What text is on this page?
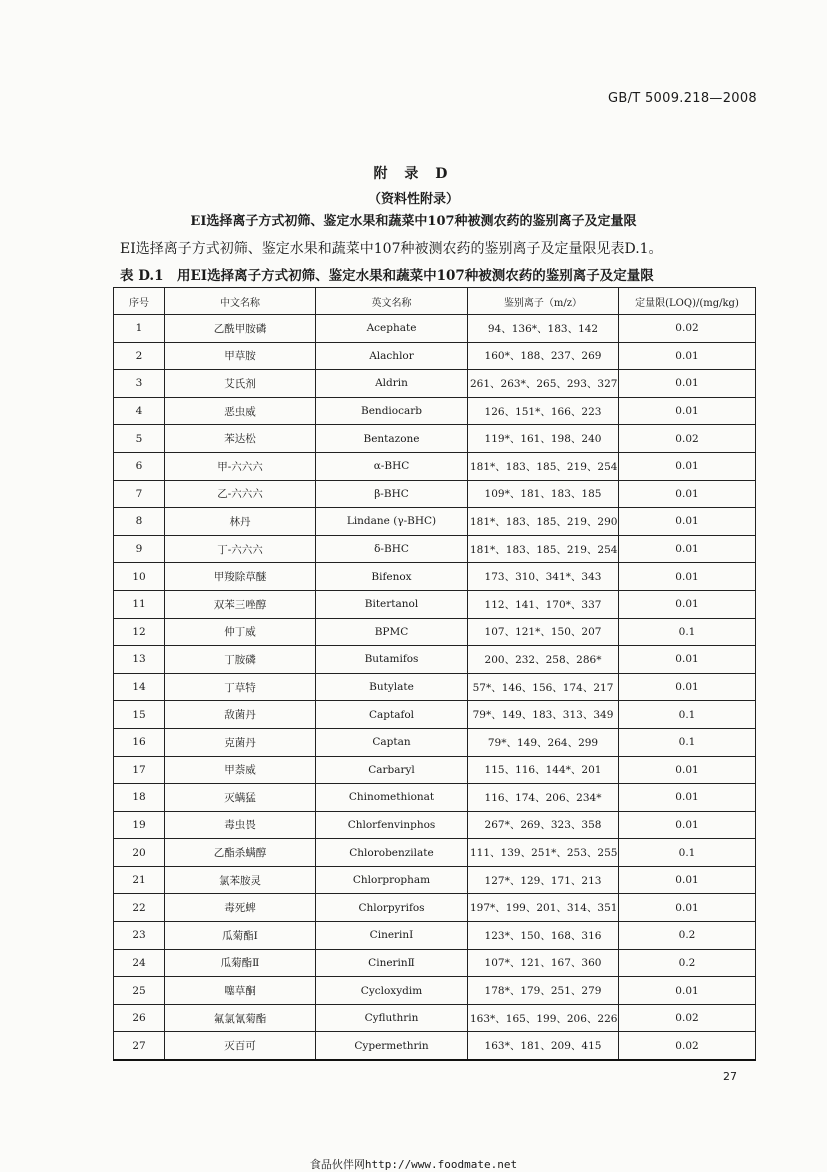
GB/T 5009.218—2008
附 录 D
（资料性附录）
EI选择离子方式初筛、鉴定水果和蔬菜中107种被测农药的鉴别离子及定量限
EI选择离子方式初筛、鉴定水果和蔬菜中107种被测农药的鉴别离子及定量限见表D.1。
表 D.1　用EI选择离子方式初筛、鉴定水果和蔬菜中107种被测农药的鉴别离子及定量限
序号	中文名称	英文名称	鉴别离子（m/z）	定量限(LOQ)/(mg/kg)
1	乙酰甲胺磷	Acephate	94、136*、183、142	0.02
2	甲草胺	Alachlor	160*、188、237、269	0.01
3	艾氏剂	Aldrin	261、263*、265、293、327	0.01
4	恶虫威	Bendiocarb	126、151*、166、223	0.01
5	苯达松	Bentazone	119*、161、198、240	0.02
6	甲-六六六	α-BHC	181*、183、185、219、254	0.01
7	乙-六六六	β-BHC	109*、181、183、185	0.01
8	林丹	Lindane (γ-BHC)	181*、183、185、219、290	0.01
9	丁-六六六	δ-BHC	181*、183、185、219、254	0.01
10	甲羧除草醚	Bifenox	173、310、341*、343	0.01
11	双苯三唑醇	Bitertanol	112、141、170*、337	0.01
12	仲丁威	BPMC	107、121*、150、207	0.1
13	丁胺磷	Butamifos	200、232、258、286*	0.01
14	丁草特	Butylate	57*、146、156、174、217	0.01
15	敌菌丹	Captafol	79*、149、183、313、349	0.1
16	克菌丹	Captan	79*、149、264、299	0.1
17	甲萘威	Carbaryl	115、116、144*、201	0.01
18	灭螨猛	Chinomethionat	116、174、206、234*	0.01
19	毒虫畏	Chlorfenvinphos	267*、269、323、358	0.01
20	乙酯杀螨醇	Chlorobenzilate	111、139、251*、253、255	0.1
21	氯苯胺灵	Chlorpropham	127*、129、171、213	0.01
22	毒死蜱	Chlorpyrifos	197*、199、201、314、351	0.01
23	瓜菊酯Ⅰ	CinerinⅠ	123*、150、168、316	0.2
24	瓜菊酯Ⅱ	CinerinⅡ	107*、121、167、360	0.2
25	噻草酮	Cycloxydim	178*、179、251、279	0.01
26	氟氯氰菊酯	Cyfluthrin	163*、165、199、206、226	0.02
27	灭百可	Cypermethrin	163*、181、209、415	0.02
27
食品伙伴网http://www.foodmate.net
